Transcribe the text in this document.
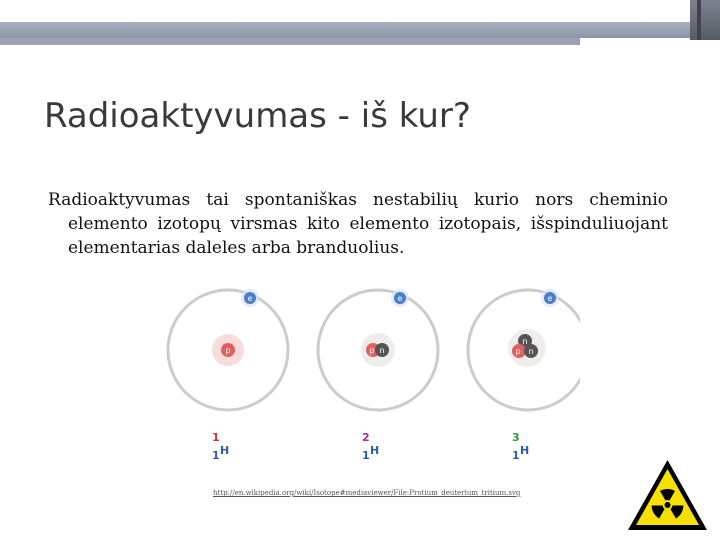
Radioaktyvumas - iš kur?

Radioaktyvumas tai spontaniškas nestabilių kurio nors cheminio elemento izotopų virsmas kito elemento izotopais, išspinduliuojant elementarias daleles arba branduolius.

p
e
1
1 H
p n
e
2
1 H
n
p n
e
3
1 H
http://en.wikipedia.org/wiki/Isotope#mediaviewer/File:Protium_deuterium_tritium.svg
